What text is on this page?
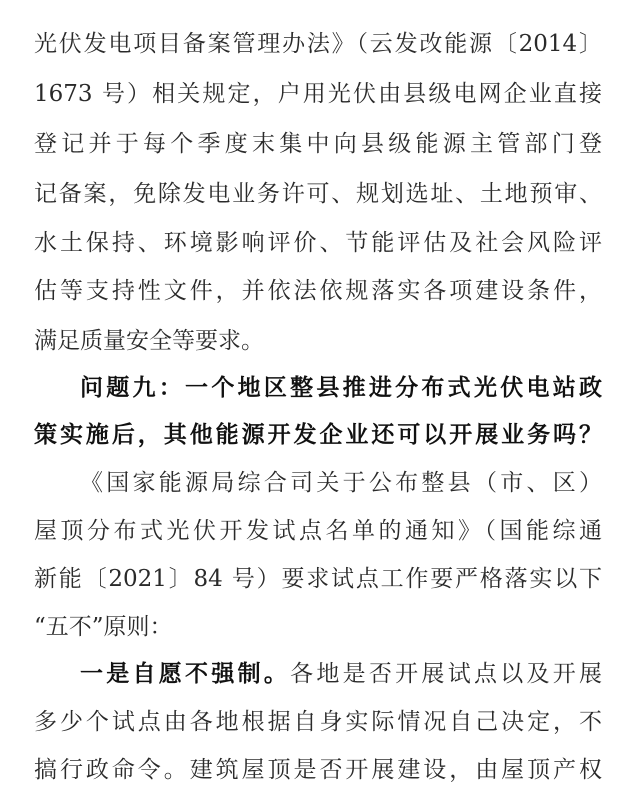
光伏发电项目备案管理办法》（云发改能源〔2014〕
1673 号）相关规定，户用光伏由县级电网企业直接
登记并于每个季度末集中向县级能源主管部门登
记备案，免除发电业务许可、规划选址、土地预审、
水土保持、环境影响评价、节能评估及社会风险评
估等支持性文件，并依法依规落实各项建设条件，
满足质量安全等要求。
问题九：一个地区整县推进分布式光伏电站政
策实施后，其他能源开发企业还可以开展业务吗？
《国家能源局综合司关于公布整县（市、区）
屋顶分布式光伏开发试点名单的通知》（国能综通
新能〔2021〕84 号）要求试点工作要严格落实以下
“五不”原则：
一是自愿不强制。各地是否开展试点以及开展
多少个试点由各地根据自身实际情况自己决定，不
搞行政命令。建筑屋顶是否开展建设，由屋顶产权
